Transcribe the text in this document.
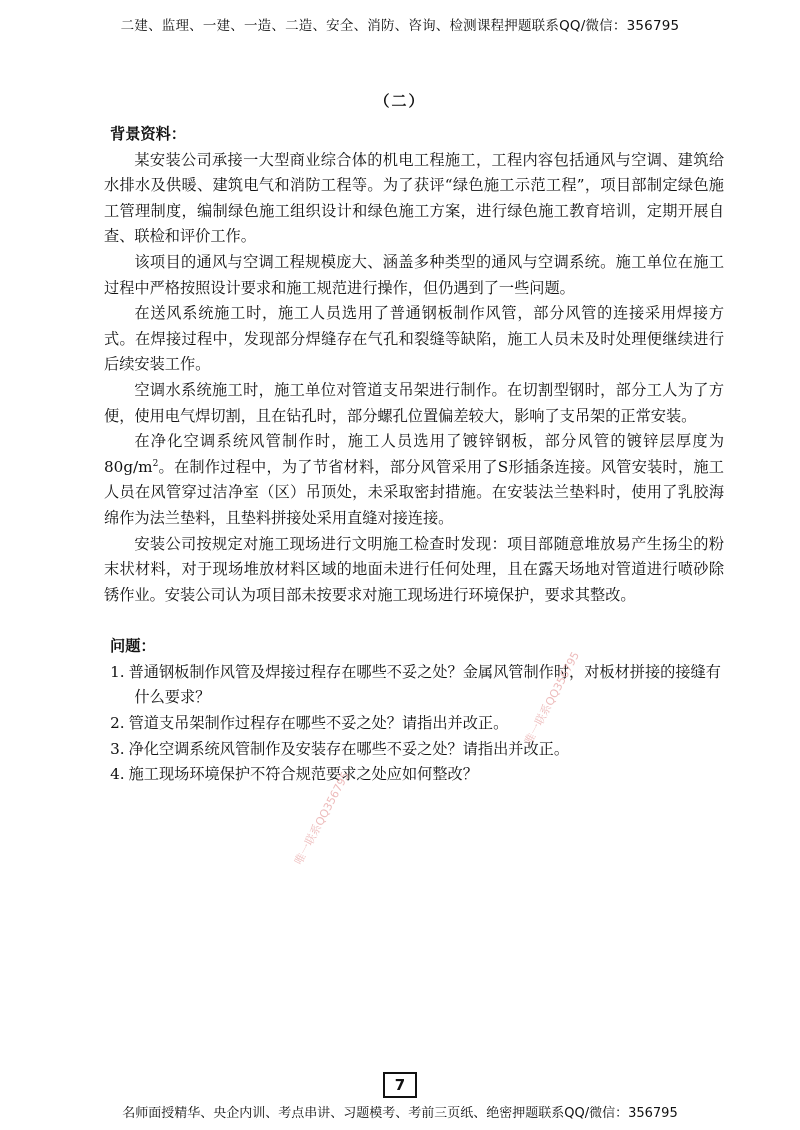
二建、监理、一建、一造、二造、安全、消防、咨询、检测课程押题联系QQ/微信：356795
（二）

背景资料：

某安装公司承接一大型商业综合体的机电工程施工，工程内容包括通风与空调、建筑给水排水及供暖、建筑电气和消防工程等。为了获评“绿色施工示范工程”，项目部制定绿色施工管理制度，编制绿色施工组织设计和绿色施工方案，进行绿色施工教育培训，定期开展自查、联检和评价工作。

该项目的通风与空调工程规模庞大、涵盖多种类型的通风与空调系统。施工单位在施工过程中严格按照设计要求和施工规范进行操作，但仍遇到了一些问题。

在送风系统施工时，施工人员选用了普通钢板制作风管，部分风管的连接采用焊接方式。在焊接过程中，发现部分焊缝存在气孔和裂缝等缺陷，施工人员未及时处理便继续进行后续安装工作。

空调水系统施工时，施工单位对管道支吊架进行制作。在切割型钢时，部分工人为了方便，使用电气焊切割，且在钻孔时，部分螺孔位置偏差较大，影响了支吊架的正常安装。

在净化空调系统风管制作时，施工人员选用了镀锌钢板，部分风管的镀锌层厚度为$80g/m^2$。在制作过程中，为了节省材料，部分风管采用了S形插条连接。风管安装时，施工人员在风管穿过洁净室（区）吊顶处，未采取密封措施。在安装法兰垫料时，使用了乳胶海绵作为法兰垫料，且垫料拼接处采用直缝对接连接。

安装公司按规定对施工现场进行文明施工检查时发现：项目部随意堆放易产生扬尘的粉末状材料，对于现场堆放材料区域的地面未进行任何处理，且在露天场地对管道进行喷砂除锈作业。安装公司认为项目部未按要求对施工现场进行环境保护，要求其整改。

问题：

1. 普通钢板制作风管及焊接过程存在哪些不妥之处？金属风管制作时，对板材拼接的接缝有什么要求？

2. 管道支吊架制作过程存在哪些不妥之处？请指出并改正。

3. 净化空调系统风管制作及安装存在哪些不妥之处？请指出并改正。

4. 施工现场环境保护不符合规范要求之处应如何整改？

唯一联系QQ356795
唯一联系QQ356795
7
名师面授精华、央企内训、考点串讲、习题模考、考前三页纸、绝密押题联系QQ/微信：356795
